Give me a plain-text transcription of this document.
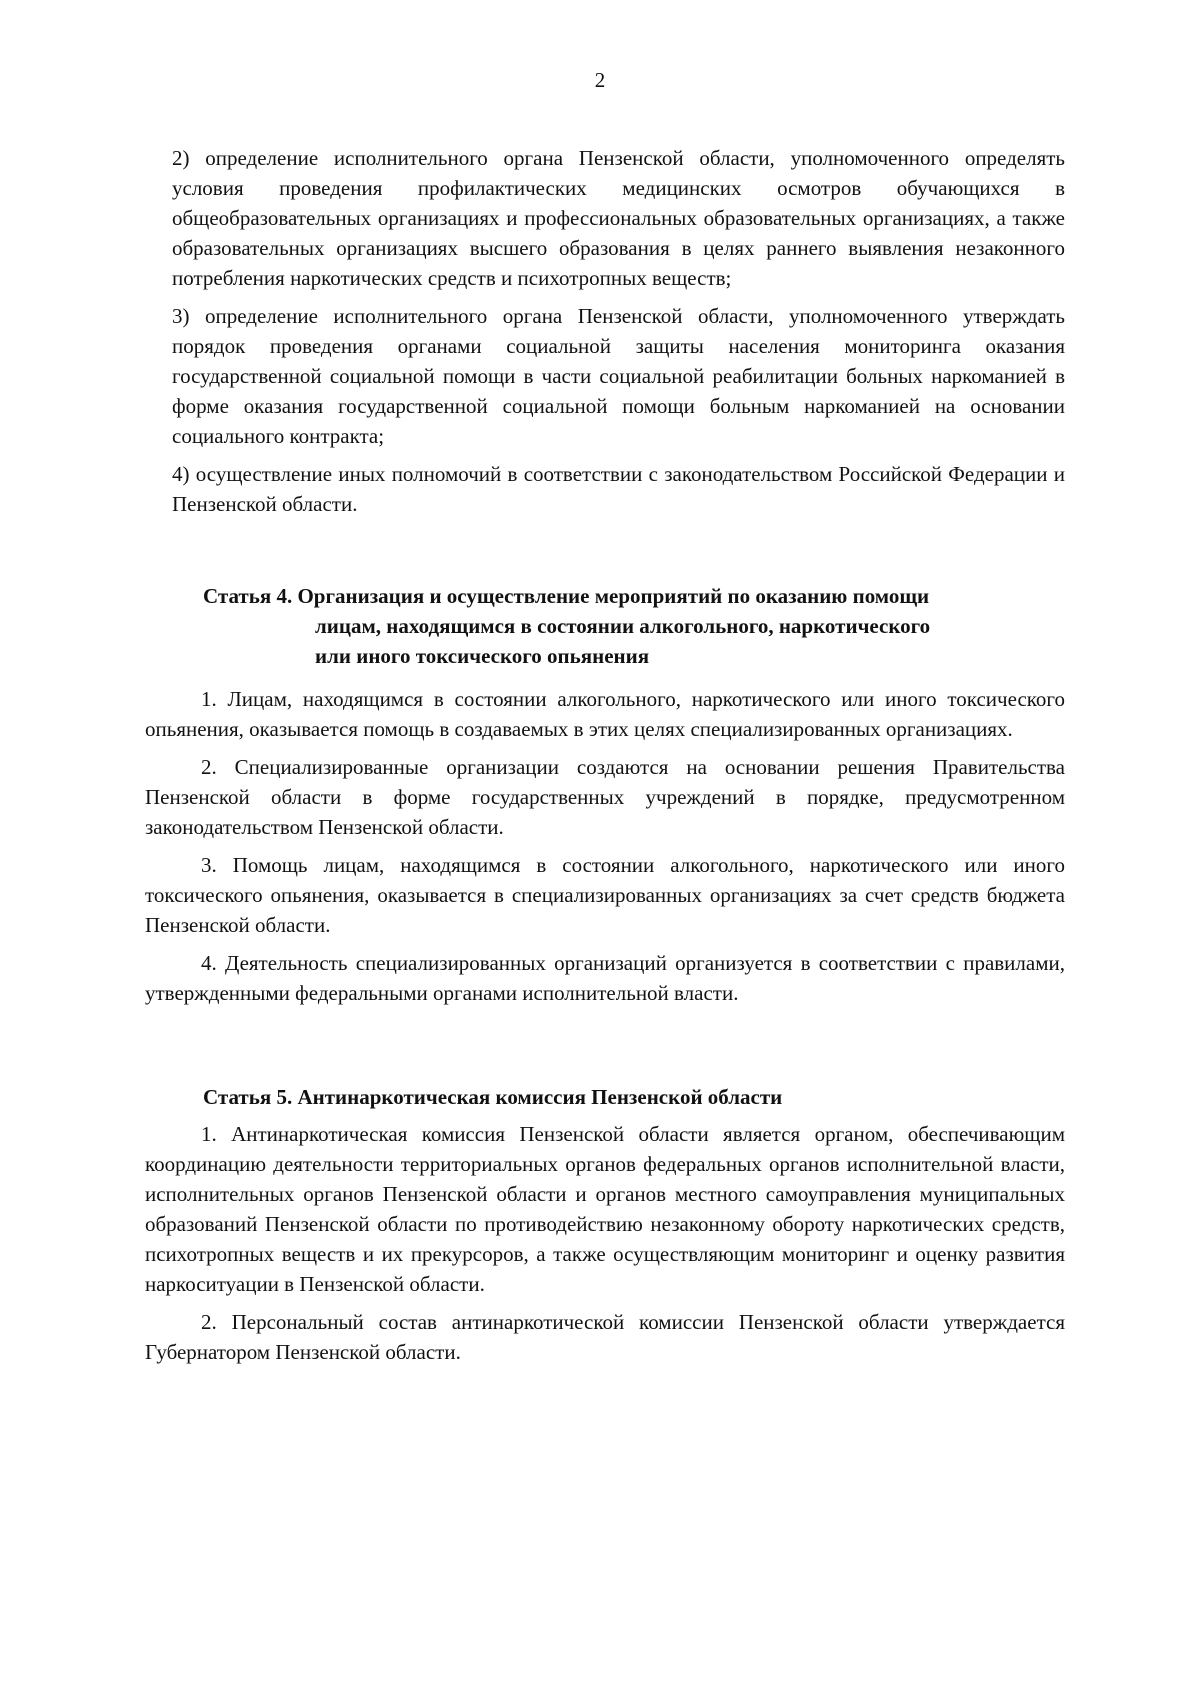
2

2) определение исполнительного органа Пензенской области, уполномоченного определять условия проведения профилактических медицинских осмотров обучающихся в общеобразовательных организациях и профессиональных образовательных организациях, а также образовательных организациях высшего образования в целях раннего выявления незаконного потребления наркотических средств и психотропных веществ;

3) определение исполнительного органа Пензенской области, уполномоченного утверждать порядок проведения органами социальной защиты населения мониторинга оказания государственной социальной помощи в части социальной реабилитации больных наркоманией в форме оказания государственной социальной помощи больным наркоманией на основании социального контракта;

4) осуществление иных полномочий в соответствии с законодательством Российской Федерации и Пензенской области.

Статья 4. Организация и осуществление мероприятий по оказанию помощи
лицам, находящимся в состоянии алкогольного, наркотического
или иного токсического опьянения

1. Лицам, находящимся в состоянии алкогольного, наркотического или иного токсического опьянения, оказывается помощь в создаваемых в этих целях специализированных организациях.

2. Специализированные организации создаются на основании решения Правительства Пензенской области в форме государственных учреждений в порядке, предусмотренном законодательством Пензенской области.

3. Помощь лицам, находящимся в состоянии алкогольного, наркотического или иного токсического опьянения, оказывается в специализированных организациях за счет средств бюджета Пензенской области.

4. Деятельность специализированных организаций организуется в соответствии с правилами, утвержденными федеральными органами исполнительной власти.

Статья 5. Антинаркотическая комиссия Пензенской области

1. Антинаркотическая комиссия Пензенской области является органом, обеспечивающим координацию деятельности территориальных органов федеральных органов исполнительной власти, исполнительных органов Пензенской области и органов местного самоуправления муниципальных образований Пензенской области по противодействию незаконному обороту наркотических средств, психотропных веществ и их прекурсоров, а также осуществляющим мониторинг и оценку развития наркоситуации в Пензенской области.

2. Персональный состав антинаркотической комиссии Пензенской области утверждается Губернатором Пензенской области.
